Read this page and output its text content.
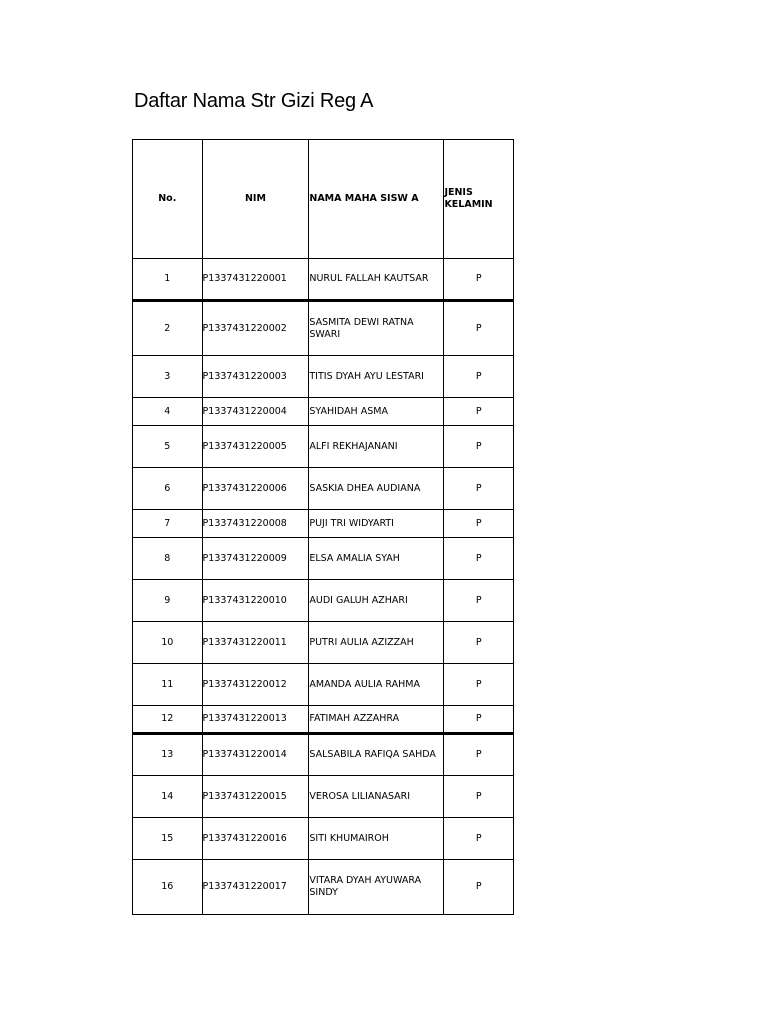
Daftar Nama Str Gizi Reg A
No.	NIM	NAMA MAHA SISW A	JENIS KELAMIN
1	P1337431220001	NURUL FALLAH KAUTSAR	P
2	P1337431220002	SASMITA DEWI RATNA SWARI	P
3	P1337431220003	TITIS DYAH AYU LESTARI	P
4	P1337431220004	SYAHIDAH ASMA	P
5	P1337431220005	ALFI REKHAJANANI	P
6	P1337431220006	SASKIA DHEA AUDIANA	P
7	P1337431220008	PUJI TRI WIDYARTI	P
8	P1337431220009	ELSA AMALIA SYAH	P
9	P1337431220010	AUDI GALUH AZHARI	P
10	P1337431220011	PUTRI AULIA AZIZZAH	P
11	P1337431220012	AMANDA AULIA RAHMA	P
12	P1337431220013	FATIMAH AZZAHRA	P
13	P1337431220014	SALSABILA RAFIQA SAHDA	P
14	P1337431220015	VEROSA LILIANASARI	P
15	P1337431220016	SITI KHUMAIROH	P
16	P1337431220017	VITARA DYAH AYUWARA SINDY	P
